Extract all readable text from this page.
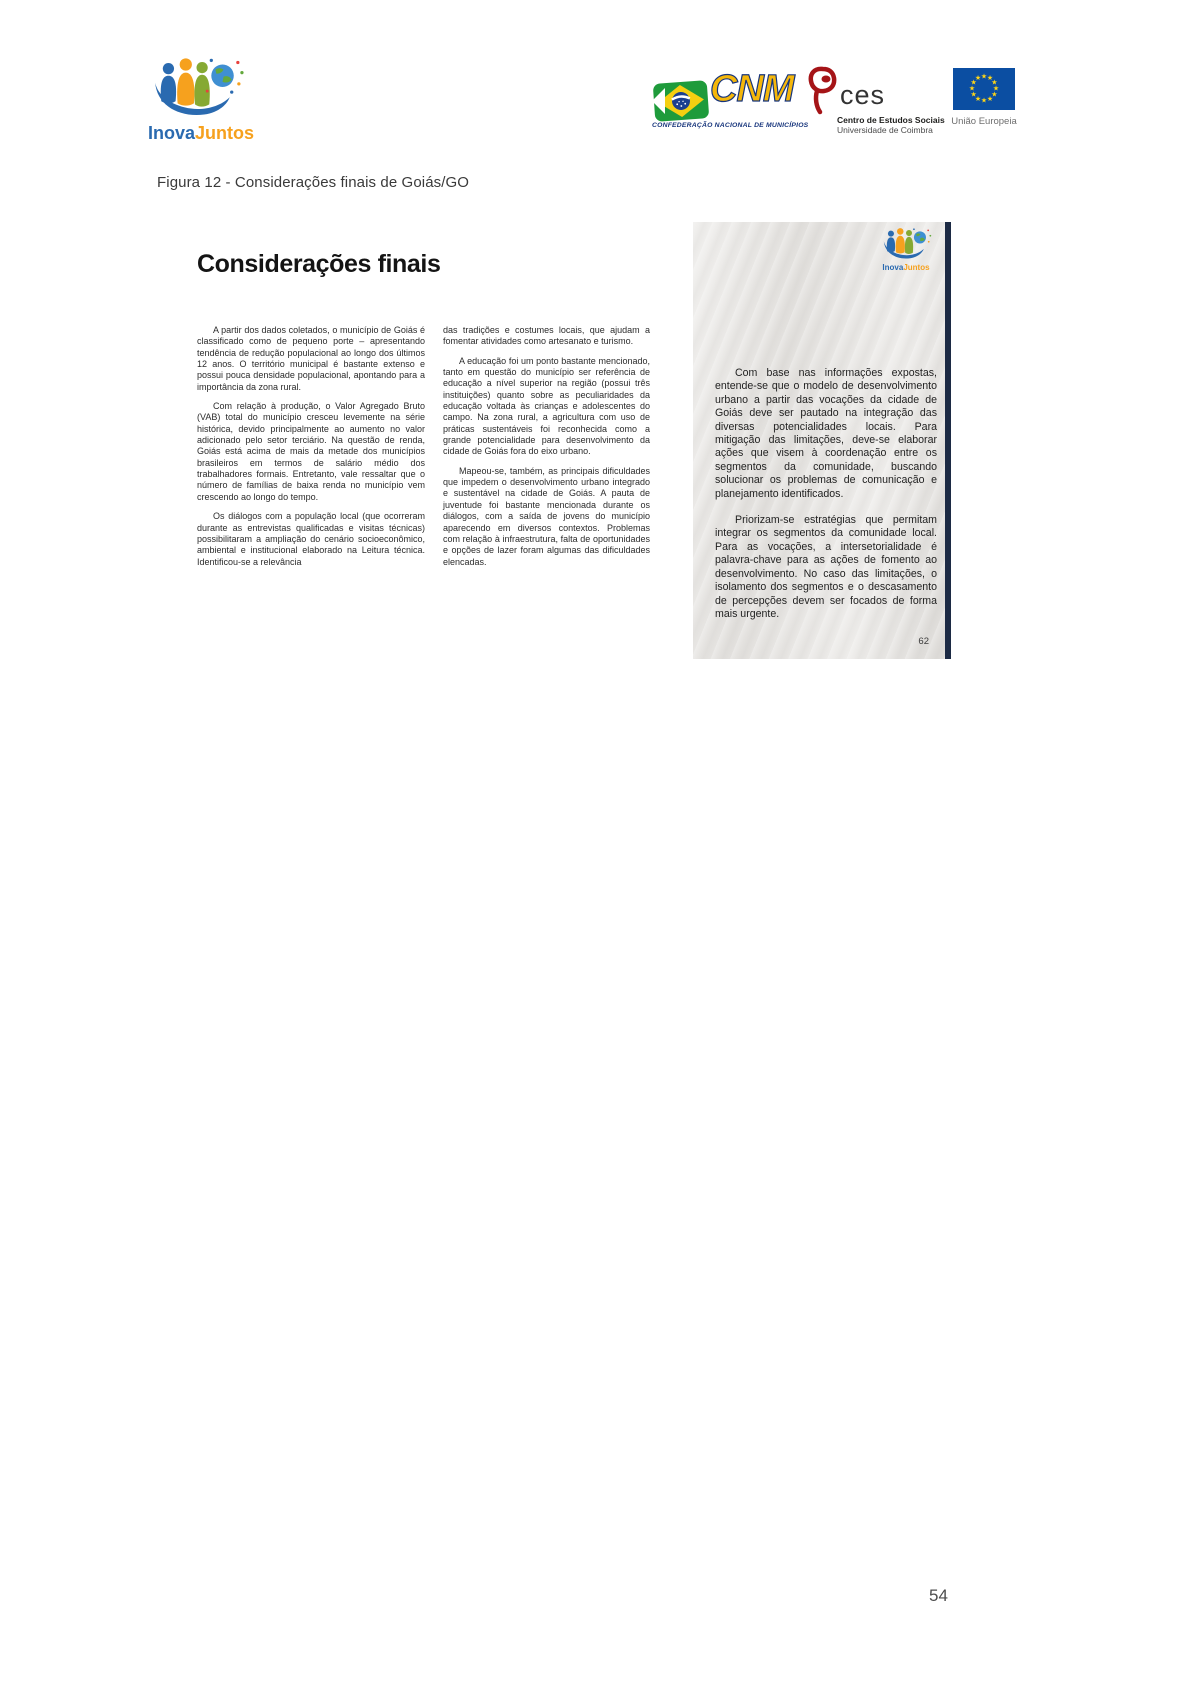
InovaJuntos
CNM
CONFEDERAÇÃO NACIONAL DE MUNICÍPIOS
ces
Centro de Estudos Sociais
Universidade de Coimbra
★ ★
★
★
★
★
★
★
★
★
★
★
União Europeia
Figura 12 - Considerações finais de Goiás/GO
Considerações finais

A partir dos dados coletados, o município de Goiás é classificado como de pequeno porte – apresentando tendência de redução populacional ao longo dos últimos 12 anos. O território municipal é bastante extenso e possui pouca densidade populacional, apontando para a importância da zona rural.

Com relação à produção, o Valor Agregado Bruto (VAB) total do município cresceu levemente na série histórica, devido principalmente ao aumento no valor adicionado pelo setor terciário. Na questão de renda, Goiás está acima de mais da metade dos municípios brasileiros em termos de salário médio dos trabalhadores formais. Entretanto, vale ressaltar que o número de famílias de baixa renda no município vem crescendo ao longo do tempo.

Os diálogos com a população local (que ocorreram durante as entrevistas qualificadas e visitas técnicas) possibilitaram a ampliação do cenário socioeconômico, ambiental e institucional elaborado na Leitura técnica. Identificou-se a relevância

das tradições e costumes locais, que ajudam a fomentar atividades como artesanato e turismo.

A educação foi um ponto bastante mencionado, tanto em questão do município ser referência de educação a nível superior na região (possui três instituições) quanto sobre as peculiaridades da educação voltada às crianças e adolescentes do campo. Na zona rural, a agricultura com uso de práticas sustentáveis foi reconhecida como a grande potencialidade para desenvolvimento da cidade de Goiás fora do eixo urbano.

Mapeou-se, também, as principais dificuldades que impedem o desenvolvimento urbano integrado e sustentável na cidade de Goiás. A pauta de juventude foi bastante mencionada durante os diálogos, com a saída de jovens do município aparecendo em diversos contextos. Problemas com relação à infraestrutura, falta de oportunidades e opções de lazer foram algumas das dificuldades elencadas.

InovaJuntos

Com base nas informações expostas, entende-se que o modelo de desenvolvimento urbano a partir das vocações da cidade de Goiás deve ser pautado na integração das diversas potencialidades locais. Para mitigação das limitações, deve-se elaborar ações que visem à coordenação entre os segmentos da comunidade, buscando solucionar os problemas de comunicação e planejamento identificados.

Priorizam-se estratégias que permitam integrar os segmentos da comunidade local. Para as vocações, a intersetorialidade é palavra-chave para as ações de fomento ao desenvolvimento. No caso das limitações, o isolamento dos segmentos e o descasamento de percepções devem ser focados de forma mais urgente.

62
54
